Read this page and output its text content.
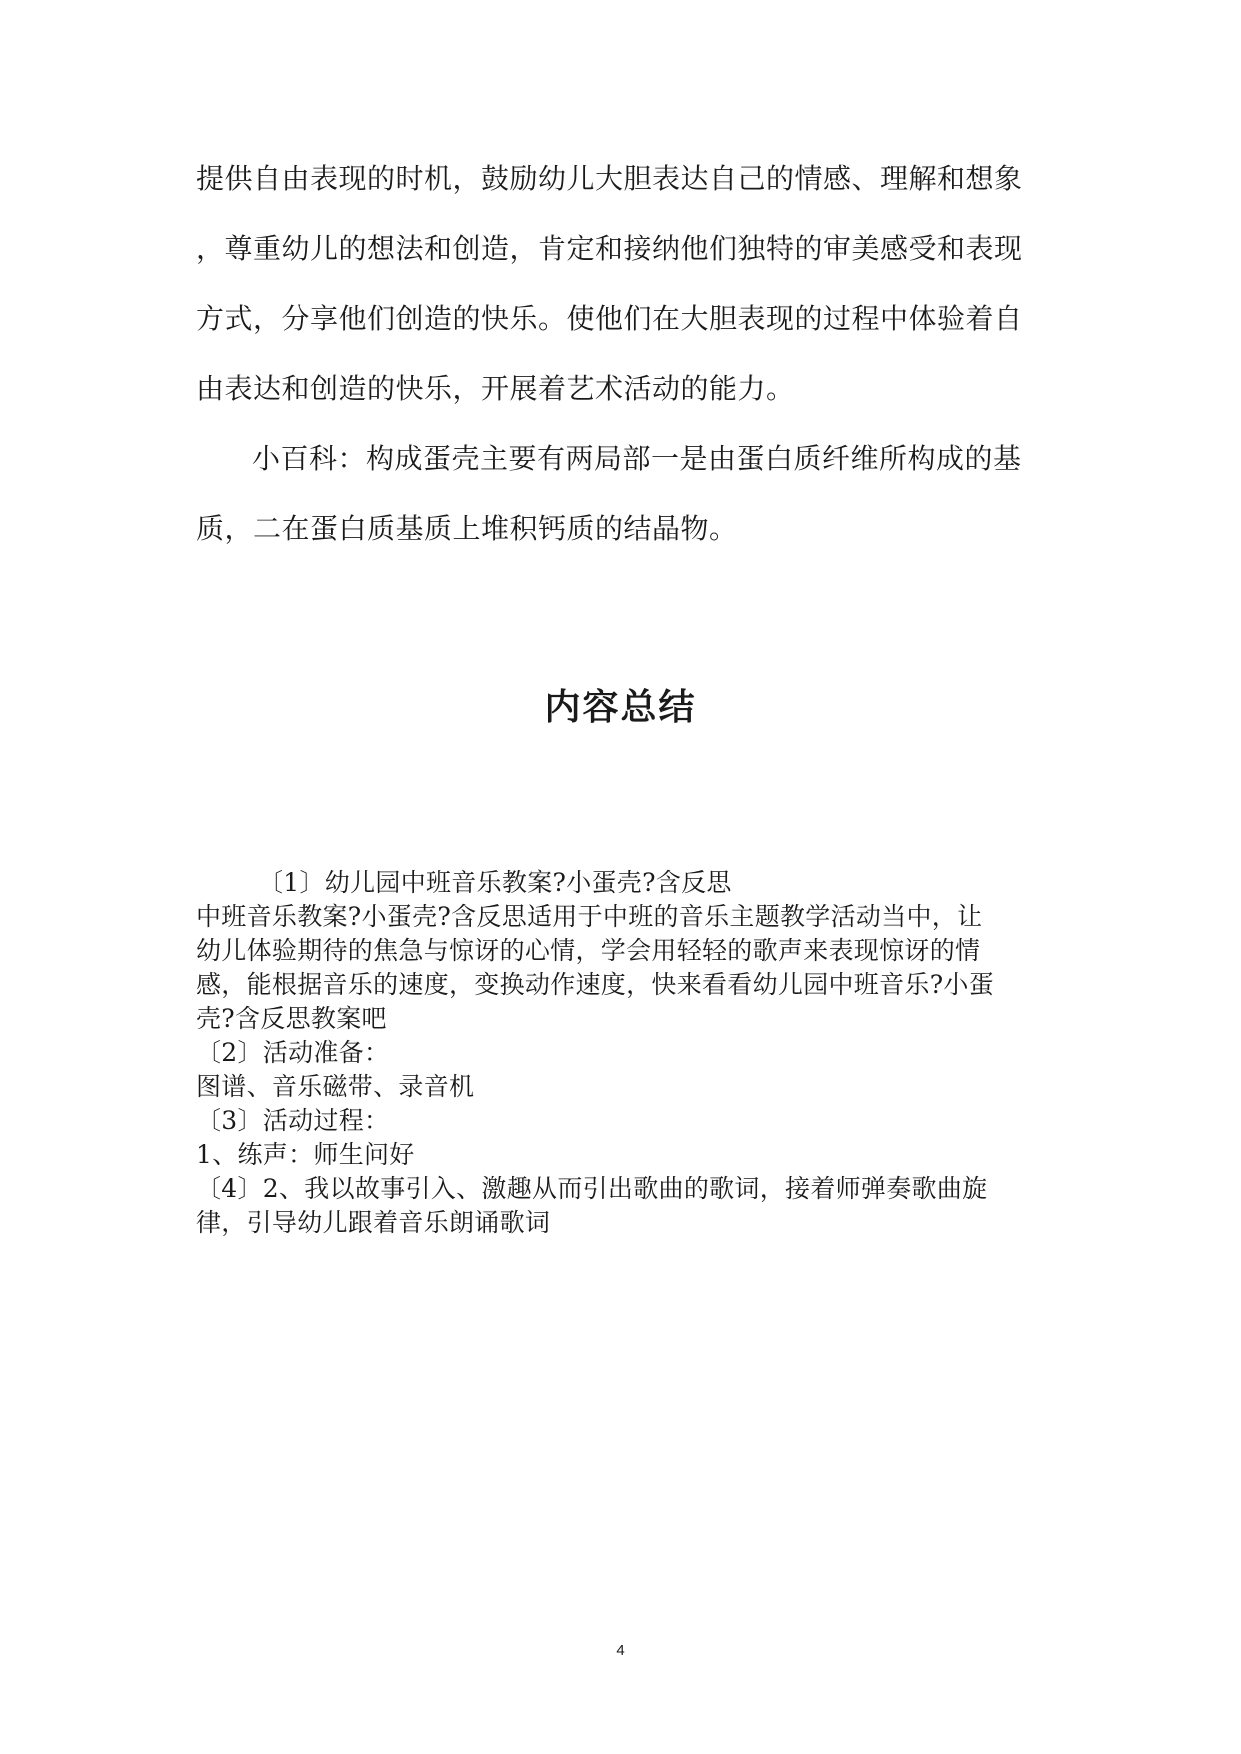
提供自由表现的时机，鼓励幼儿大胆表达自己的情感、理解和想象
，尊重幼儿的想法和创造，肯定和接纳他们独特的审美感受和表现
方式，分享他们创造的快乐。使他们在大胆表现的过程中体验着自
由表达和创造的快乐，开展着艺术活动的能力。
小百科：构成蛋壳主要有两局部一是由蛋白质纤维所构成的基
质，二在蛋白质基质上堆积钙质的结晶物。
内容总结
〔1〕幼儿园中班音乐教案?小蛋壳?含反思
中班音乐教案?小蛋壳?含反思适用于中班的音乐主题教学活动当中，让
幼儿体验期待的焦急与惊讶的心情，学会用轻轻的歌声来表现惊讶的情
感，能根据音乐的速度，变换动作速度，快来看看幼儿园中班音乐?小蛋
壳?含反思教案吧
〔2〕活动准备：
图谱、音乐磁带、录音机
〔3〕活动过程：
1、练声：师生问好
〔4〕2、我以故事引入、激趣从而引出歌曲的歌词，接着师弹奏歌曲旋
律，引导幼儿跟着音乐朗诵歌词
4
